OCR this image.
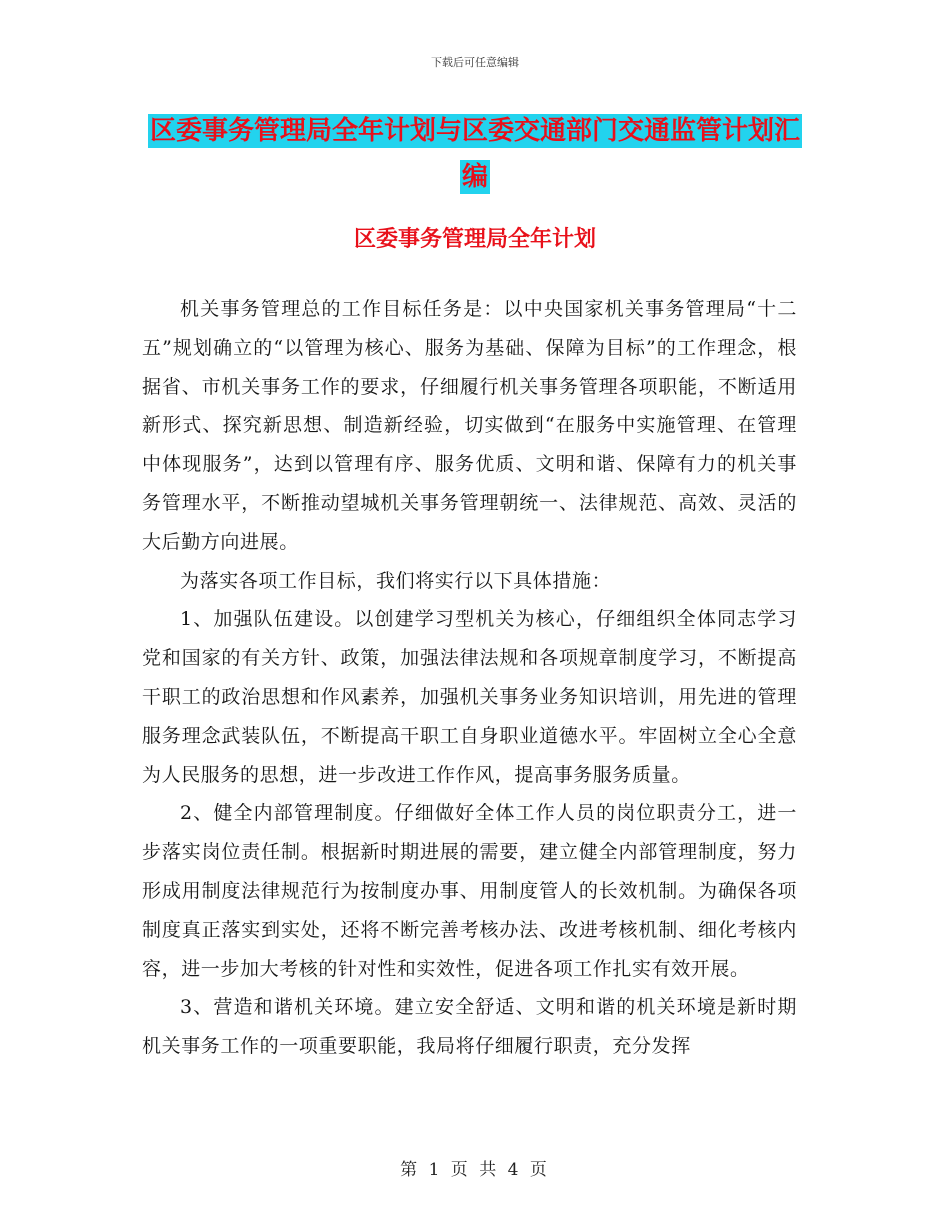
下载后可任意编辑
区委事务管理局全年计划与区委交通部门交通监管计划汇编
区委事务管理局全年计划

机关事务管理总的工作目标任务是：以中央国家机关事务管理局“十二五”规划确立的“以管理为核心、服务为基础、保障为目标”的工作理念，根据省、市机关事务工作的要求，仔细履行机关事务管理各项职能，不断适用新形式、探究新思想、制造新经验，切实做到“在服务中实施管理、在管理中体现服务”，达到以管理有序、服务优质、文明和谐、保障有力的机关事务管理水平，不断推动望城机关事务管理朝统一、法律规范、高效、灵活的大后勤方向进展。

为落实各项工作目标，我们将实行以下具体措施：

1、加强队伍建设。以创建学习型机关为核心，仔细组织全体同志学习党和国家的有关方针、政策，加强法律法规和各项规章制度学习，不断提高干职工的政治思想和作风素养，加强机关事务业务知识培训，用先进的管理服务理念武装队伍，不断提高干职工自身职业道德水平。牢固树立全心全意为人民服务的思想，进一步改进工作作风，提高事务服务质量。

2、健全内部管理制度。仔细做好全体工作人员的岗位职责分工，进一步落实岗位责任制。根据新时期进展的需要，建立健全内部管理制度，努力形成用制度法律规范行为按制度办事、用制度管人的长效机制。为确保各项制度真正落实到实处，还将不断完善考核办法、改进考核机制、细化考核内容，进一步加大考核的针对性和实效性，促进各项工作扎实有效开展。

3、营造和谐机关环境。建立安全舒适、文明和谐的机关环境是新时期机关事务工作的一项重要职能，我局将仔细履行职责，充分发挥

第 1 页 共 4 页
